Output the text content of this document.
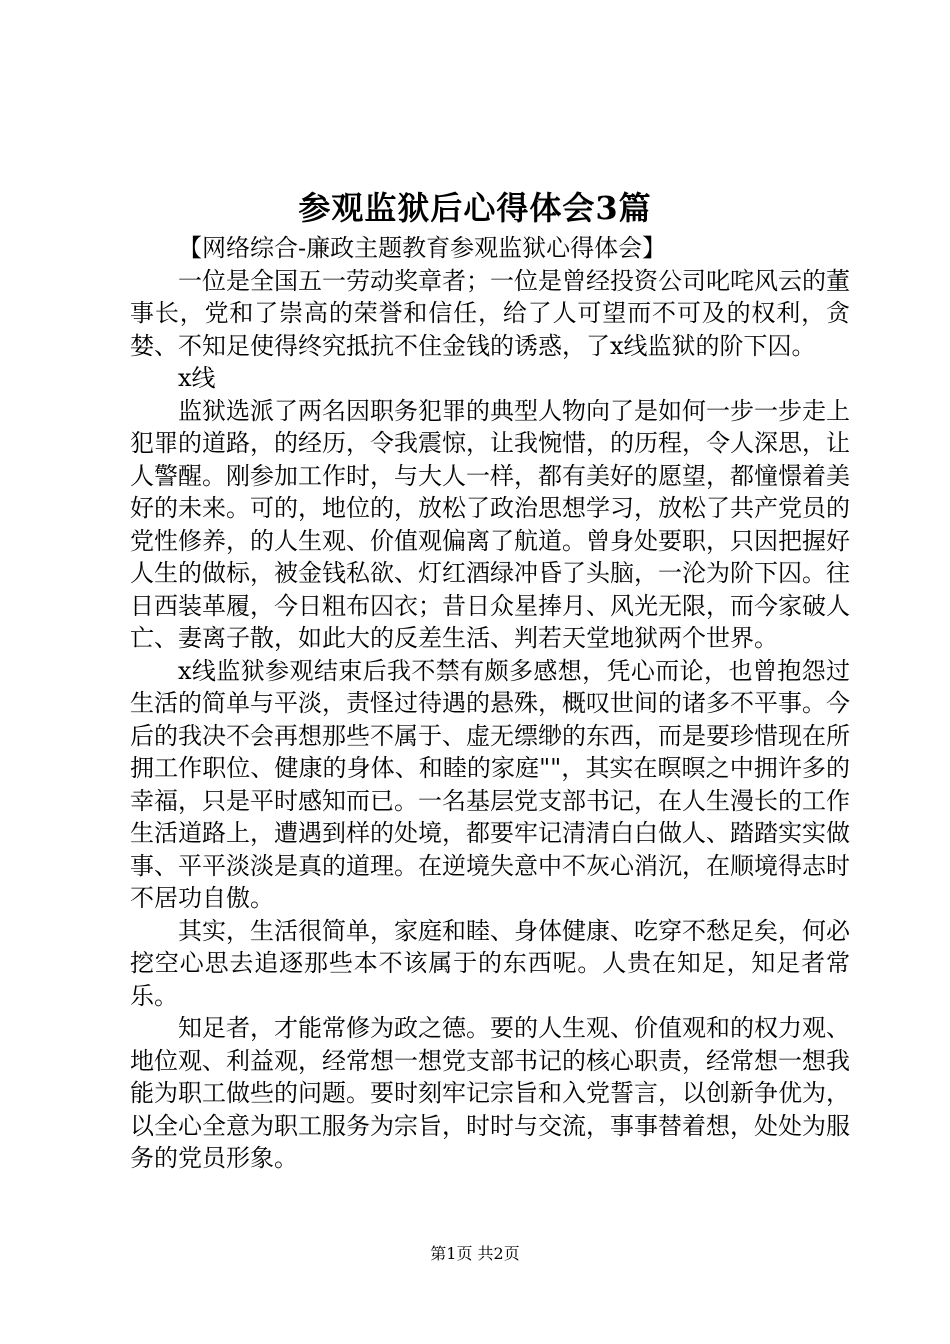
参观监狱后心得体会3篇

【网络综合-廉政主题教育参观监狱心得体会】

一位是全国五一劳动奖章者；一位是曾经投资公司叱咤风云的董事长，党和了崇高的荣誉和信任，给了人可望而不可及的权利，贪婪、不知足使得终究抵抗不住金钱的诱惑，了x线监狱的阶下囚。

x线

监狱选派了两名因职务犯罪的典型人物向了是如何一步一步走上犯罪的道路，的经历，令我震惊，让我惋惜，的历程，令人深思，让人警醒。刚参加工作时，与大人一样，都有美好的愿望，都憧憬着美好的未来。可的，地位的，放松了政治思想学习，放松了共产党员的党性修养，的人生观、价值观偏离了航道。曾身处要职，只因把握好人生的做标，被金钱私欲、灯红酒绿冲昏了头脑，一沦为阶下囚。往日西装革履，今日粗布囚衣；昔日众星捧月、风光无限，而今家破人亡、妻离子散，如此大的反差生活、判若天堂地狱两个世界。

x线监狱参观结束后我不禁有颇多感想，凭心而论，也曾抱怨过生活的简单与平淡，责怪过待遇的悬殊，概叹世间的诸多不平事。今后的我决不会再想那些不属于、虚无缥缈的东西，而是要珍惜现在所拥工作职位、健康的身体、和睦的家庭""，其实在暝暝之中拥许多的幸福，只是平时感知而已。一名基层党支部书记，在人生漫长的工作生活道路上，遭遇到样的处境，都要牢记清清白白做人、踏踏实实做事、平平淡淡是真的道理。在逆境失意中不灰心消沉，在顺境得志时不居功自傲。

其实，生活很简单，家庭和睦、身体健康、吃穿不愁足矣，何必挖空心思去追逐那些本不该属于的东西呢。人贵在知足，知足者常乐。

知足者，才能常修为政之德。要的人生观、价值观和的权力观、地位观、利益观，经常想一想党支部书记的核心职责，经常想一想我能为职工做些的问题。要时刻牢记宗旨和入党誓言，以创新争优为，以全心全意为职工服务为宗旨，时时与交流，事事替着想，处处为服务的党员形象。

第1页 共2页
